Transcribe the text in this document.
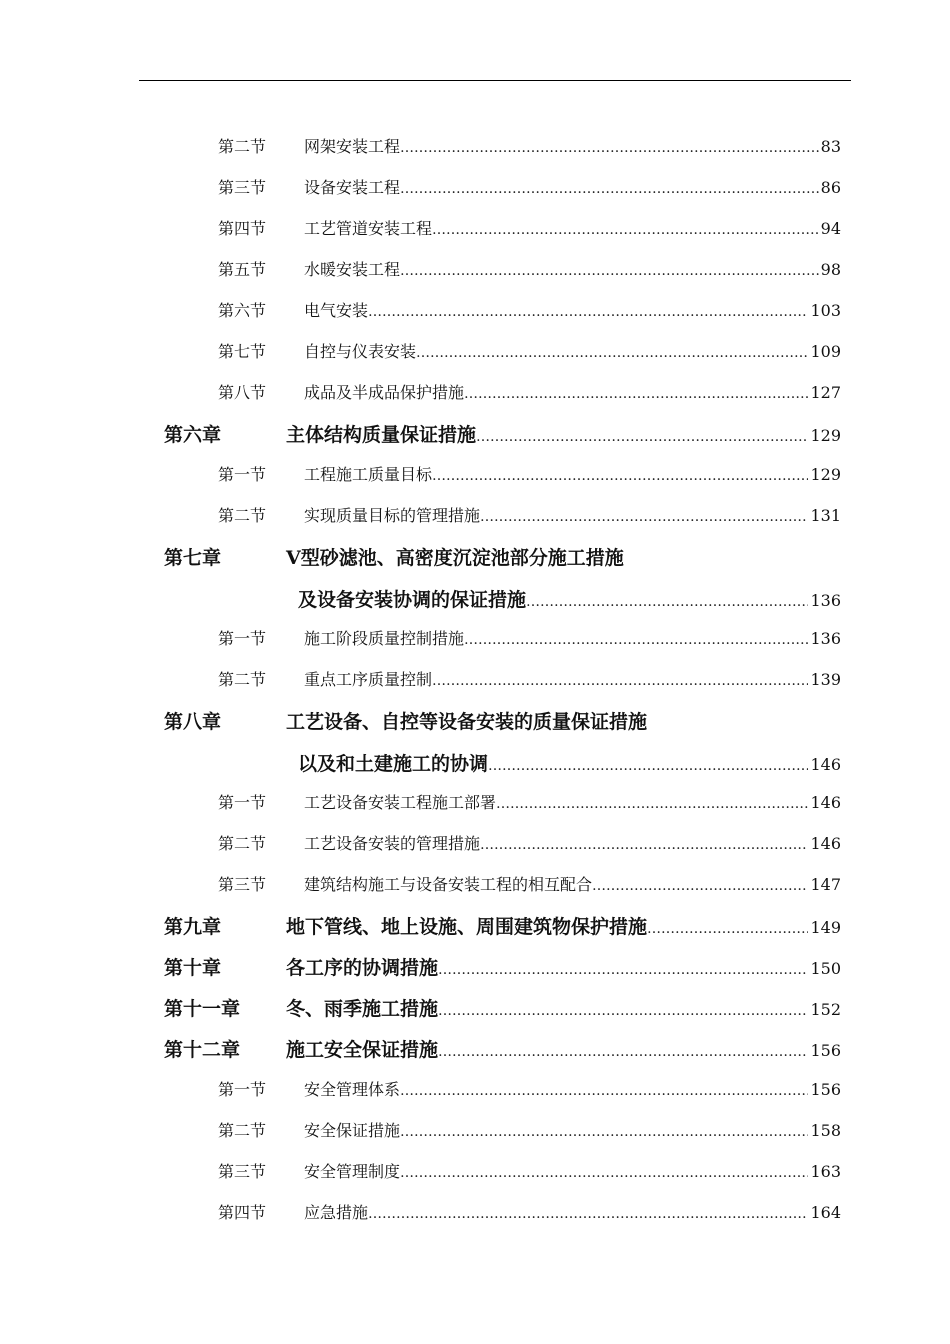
第二节	网架安装工程 …………………………………………………………………………………………………………………………………	83
第三节	设备安装工程 …………………………………………………………………………………………………………………………………	86
第四节	工艺管道安装工程 …………………………………………………………………………………………………………………………………	94
第五节	水暖安装工程 …………………………………………………………………………………………………………………………………	98
第六节	电气安装 …………………………………………………………………………………………………………………………………	103
第七节	自控与仪表安装 …………………………………………………………………………………………………………………………………	109
第八节	成品及半成品保护措施 …………………………………………………………………………………………………………………………………	127
第六章	主体结构质量保证措施 …………………………………………………………………………………………………………………………………	129
第一节	工程施工质量目标 …………………………………………………………………………………………………………………………………	129
第二节	实现质量目标的管理措施 …………………………………………………………………………………………………………………………………	131
第七章	V型砂滤池、高密度沉淀池部分施工措施
及设备安装协调的保证措施 …………………………………………………………………………………………………………………………………	136
第一节	施工阶段质量控制措施 …………………………………………………………………………………………………………………………………	136
第二节	重点工序质量控制 …………………………………………………………………………………………………………………………………	139
第八章	工艺设备、自控等设备安装的质量保证措施
以及和土建施工的协调 …………………………………………………………………………………………………………………………………	146
第一节	工艺设备安装工程施工部署 …………………………………………………………………………………………………………………………………	146
第二节	工艺设备安装的管理措施 …………………………………………………………………………………………………………………………………	146
第三节	建筑结构施工与设备安装工程的相互配合 …………………………………………………………………………………………………………………………………	147
第九章	地下管线、地上设施、周围建筑物保护措施 …………………………………………………………………………………………………………………………………	149
第十章	各工序的协调措施 …………………………………………………………………………………………………………………………………	150
第十一章	冬、雨季施工措施 …………………………………………………………………………………………………………………………………	152
第十二章	施工安全保证措施 …………………………………………………………………………………………………………………………………	156
第一节	安全管理体系 …………………………………………………………………………………………………………………………………	156
第二节	安全保证措施 …………………………………………………………………………………………………………………………………	158
第三节	安全管理制度 …………………………………………………………………………………………………………………………………	163
第四节	应急措施 …………………………………………………………………………………………………………………………………	164
